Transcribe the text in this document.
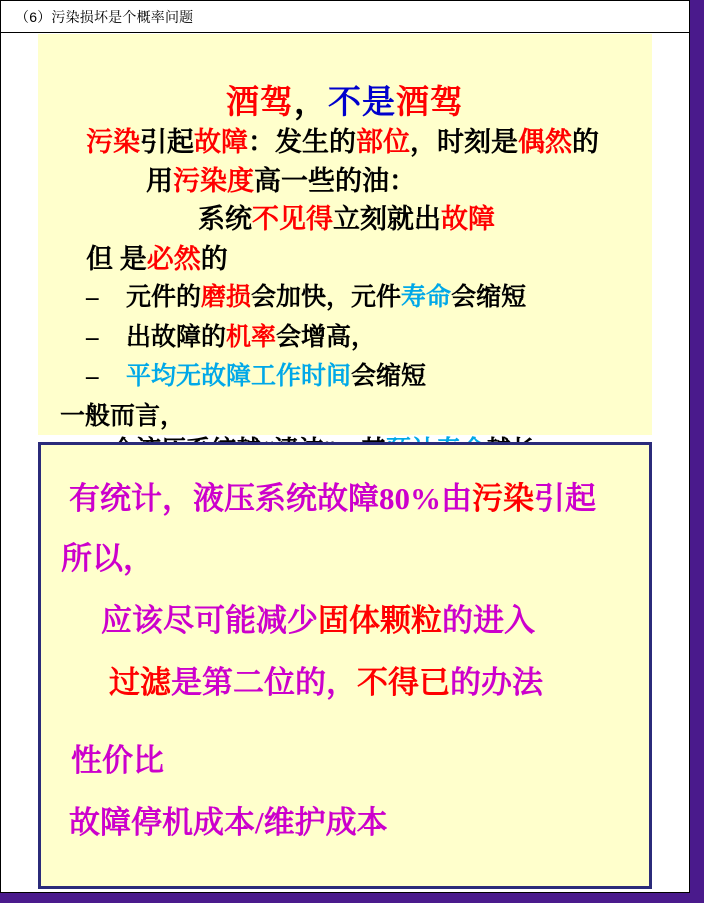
（6）污染损坏是个概率问题
酒驾，不是酒驾
污染引起故障：发生的部位，时刻是偶然的
用污染度高一些的油：
系统不见得立刻就出故障
但 是必然的
– 元件的磨损会加快，元件寿命会缩短
– 出故障的机率会增高，
– 平均无故障工作时间会缩短
一般而言，
有统计，液压系统故障80%由污染引起
所以，
应该尽可能减少固体颗粒的进入
过滤是第二位的，不得已的办法
性价比
故障停机成本/维护成本
